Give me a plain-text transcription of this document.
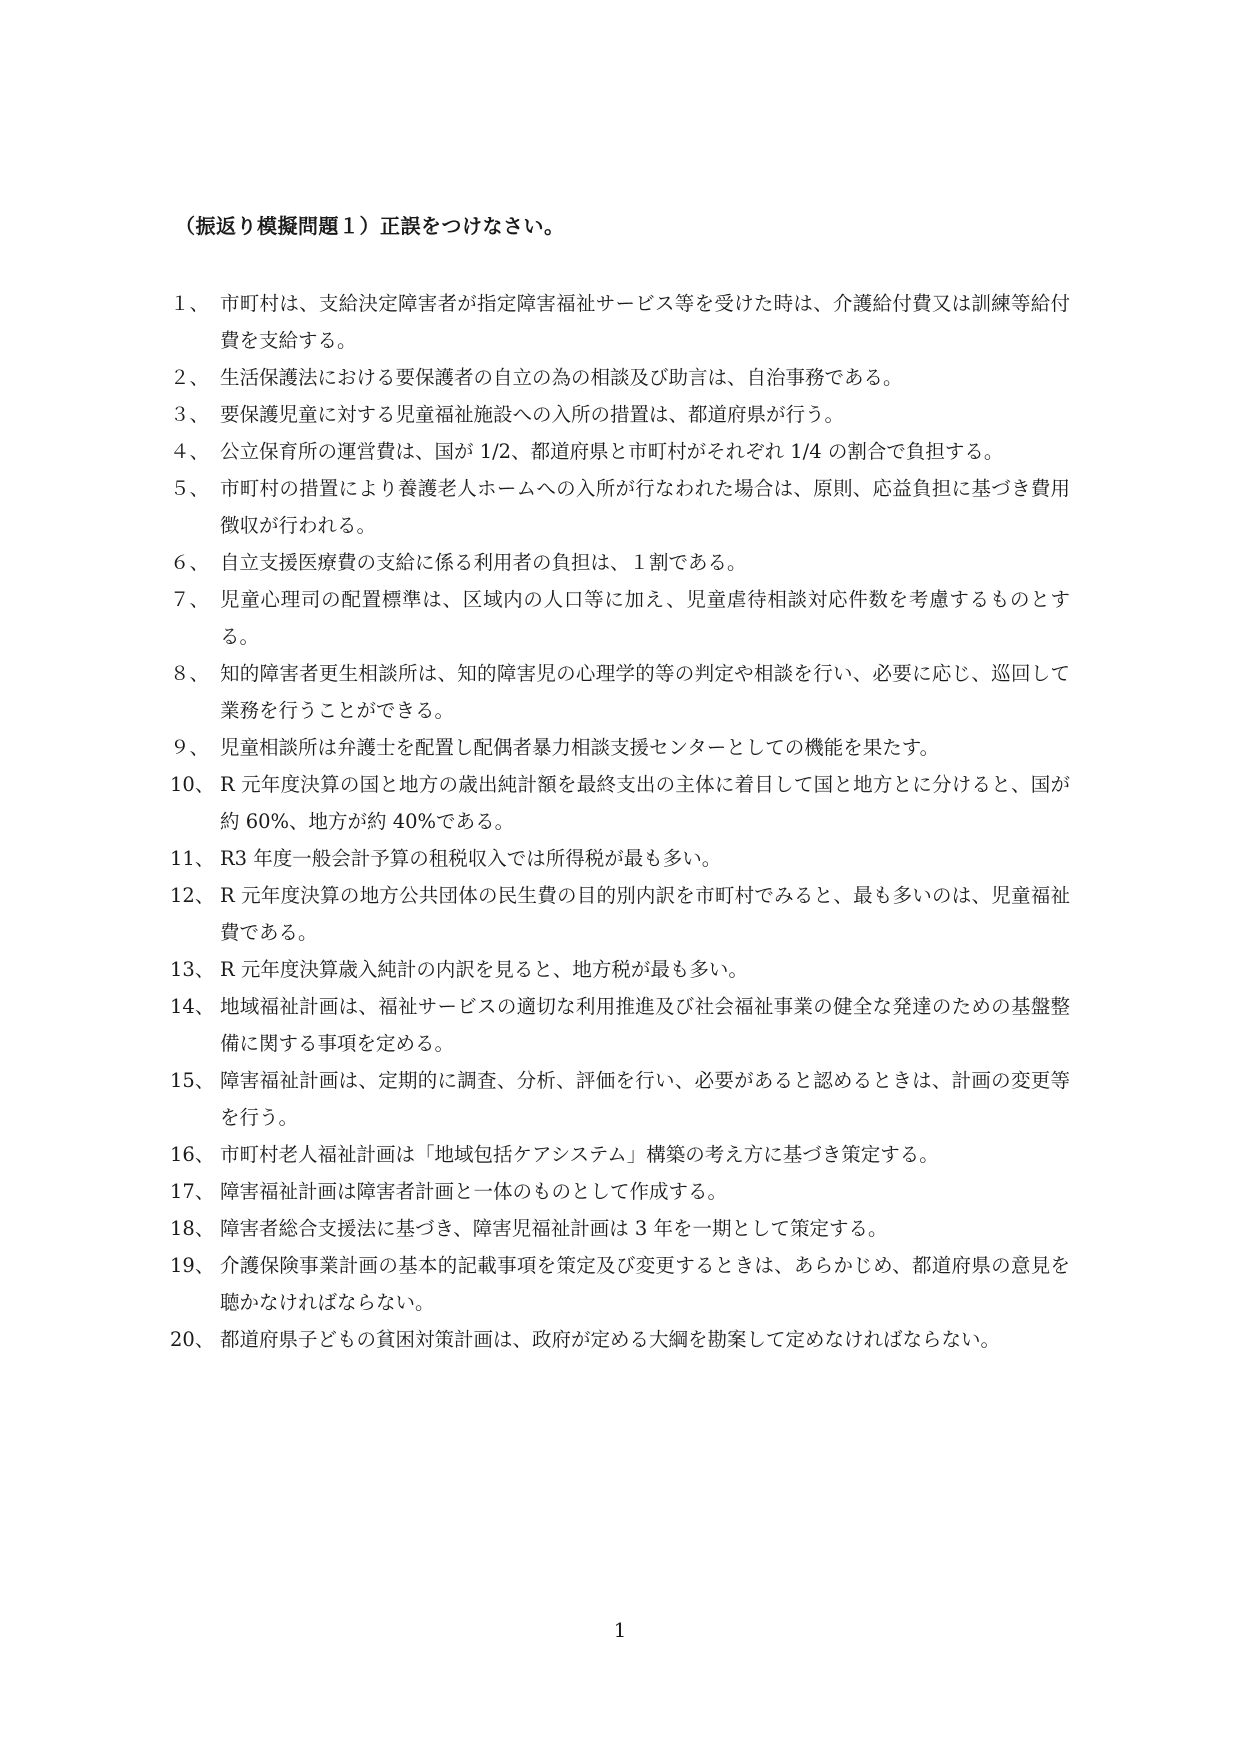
（振返り模擬問題１）正誤をつけなさい。
１、 市町村は、支給決定障害者が指定障害福祉サービス等を受けた時は、介護給付費又は訓練等給付費を支給する。
２、 生活保護法における要保護者の自立の為の相談及び助言は、自治事務である。
３、 要保護児童に対する児童福祉施設への入所の措置は、都道府県が行う。
４、 公立保育所の運営費は、国が 1/2、都道府県と市町村がそれぞれ 1/4 の割合で負担する。
５、 市町村の措置により養護老人ホームへの入所が行なわれた場合は、原則、応益負担に基づき費用徴収が行われる。
６、 自立支援医療費の支給に係る利用者の負担は、１割である。
７、 児童心理司の配置標準は、区域内の人口等に加え、児童虐待相談対応件数を考慮するものとする。
８、 知的障害者更生相談所は、知的障害児の心理学的等の判定や相談を行い、必要に応じ、巡回して業務を行うことができる。
９、 児童相談所は弁護士を配置し配偶者暴力相談支援センターとしての機能を果たす。
10、 R 元年度決算の国と地方の歳出純計額を最終支出の主体に着目して国と地方とに分けると、国が約 60%、地方が約 40%である。
11、 R3 年度一般会計予算の租税収入では所得税が最も多い。
12、 R 元年度決算の地方公共団体の民生費の目的別内訳を市町村でみると、最も多いのは、児童福祉費である。
13、 R 元年度決算歳入純計の内訳を見ると、地方税が最も多い。
14、 地域福祉計画は、福祉サービスの適切な利用推進及び社会福祉事業の健全な発達のための基盤整備に関する事項を定める。
15、 障害福祉計画は、定期的に調査、分析、評価を行い、必要があると認めるときは、計画の変更等を行う。
16、 市町村老人福祉計画は「地域包括ケアシステム」構築の考え方に基づき策定する。
17、 障害福祉計画は障害者計画と一体のものとして作成する。
18、 障害者総合支援法に基づき、障害児福祉計画は 3 年を一期として策定する。
19、 介護保険事業計画の基本的記載事項を策定及び変更するときは、あらかじめ、都道府県の意見を聴かなければならない。
20、 都道府県子どもの貧困対策計画は、政府が定める大綱を勘案して定めなければならない。
1
